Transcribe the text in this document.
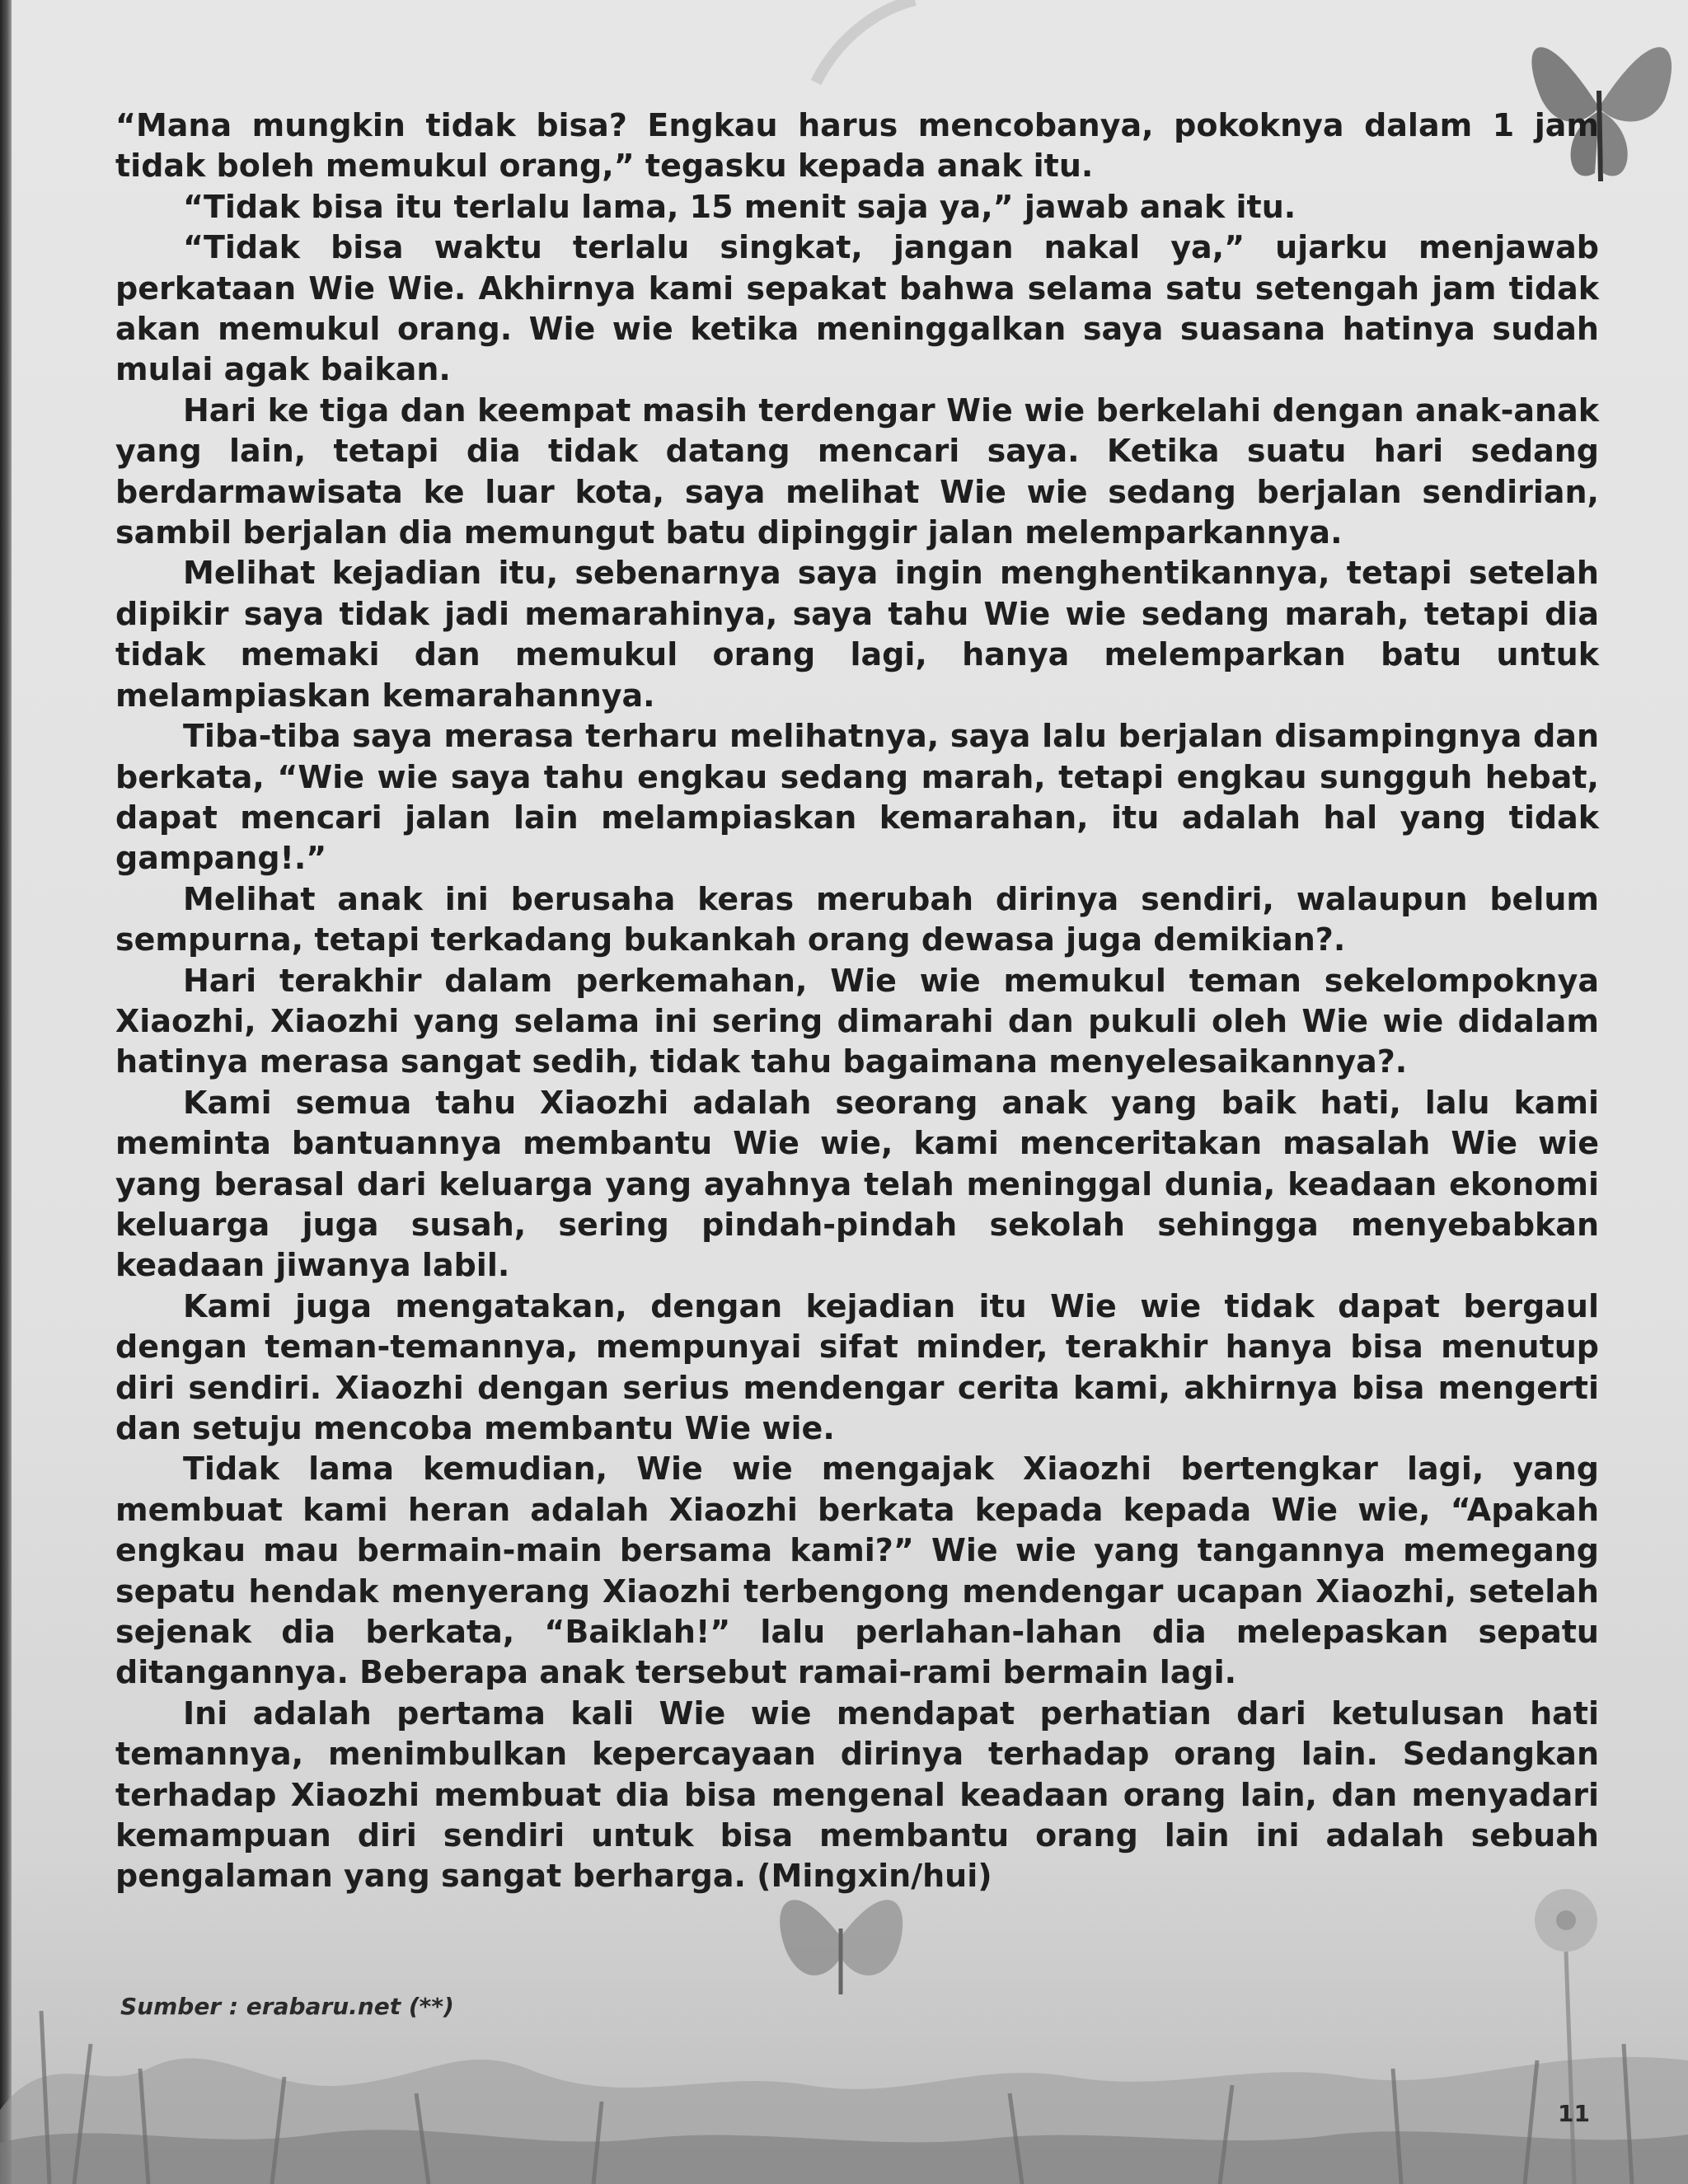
“Mana mungkin tidak bisa? Engkau harus mencobanya, pokoknya dalam 1 jam tidak boleh memukul orang,” tegasku kepada anak itu.

“Tidak bisa itu terlalu lama, 15 menit saja ya,” jawab anak itu.

“Tidak bisa waktu terlalu singkat, jangan nakal ya,” ujarku menjawab perkataan Wie Wie. Akhirnya kami sepakat bahwa selama satu setengah jam tidak akan memukul orang. Wie wie ketika meninggalkan saya suasana hatinya sudah mulai agak baikan.

Hari ke tiga dan keempat masih terdengar Wie wie berkelahi dengan anak-anak yang lain, tetapi dia tidak datang mencari saya. Ketika suatu hari sedang berdarmawisata ke luar kota, saya melihat Wie wie sedang berjalan sendirian, sambil berjalan dia memungut batu dipinggir jalan melemparkannya.

Melihat kejadian itu, sebenarnya saya ingin menghentikannya, tetapi setelah dipikir saya tidak jadi memarahinya, saya tahu Wie wie sedang marah, tetapi dia tidak memaki dan memukul orang lagi, hanya melemparkan batu untuk melampiaskan kemarahannya.

Tiba-tiba saya merasa terharu melihatnya, saya lalu berjalan disampingnya dan berkata, “Wie wie saya tahu engkau sedang marah, tetapi engkau sungguh hebat, dapat mencari jalan lain melampiaskan kemarahan, itu adalah hal yang tidak gampang!.”

Melihat anak ini berusaha keras merubah dirinya sendiri, walaupun belum sempurna, tetapi terkadang bukankah orang dewasa juga demikian?.

Hari terakhir dalam perkemahan, Wie wie memukul teman sekelompoknya Xiaozhi, Xiaozhi yang selama ini sering dimarahi dan pukuli oleh Wie wie didalam hatinya merasa sangat sedih, tidak tahu bagaimana menyelesaikannya?.

Kami semua tahu Xiaozhi adalah seorang anak yang baik hati, lalu kami meminta bantuannya membantu Wie wie, kami menceritakan masalah Wie wie yang berasal dari keluarga yang ayahnya telah meninggal dunia, keadaan ekonomi keluarga juga susah, sering pindah-pindah sekolah sehingga menyebabkan keadaan jiwanya labil.

Kami juga mengatakan, dengan kejadian itu Wie wie tidak dapat bergaul dengan teman-temannya, mempunyai sifat minder, terakhir hanya bisa menutup diri sendiri. Xiaozhi dengan serius mendengar cerita kami, akhirnya bisa mengerti dan setuju mencoba membantu Wie wie.

Tidak lama kemudian, Wie wie mengajak Xiaozhi bertengkar lagi, yang membuat kami heran adalah Xiaozhi berkata kepada kepada Wie wie, “Apakah engkau mau bermain-main bersama kami?” Wie wie yang tangannya memegang sepatu hendak menyerang Xiaozhi terbengong mendengar ucapan Xiaozhi, setelah sejenak dia berkata, “Baiklah!” lalu perlahan-lahan dia melepaskan sepatu ditangannya. Beberapa anak tersebut ramai-rami bermain lagi.

Ini adalah pertama kali Wie wie mendapat perhatian dari ketulusan hati temannya, menimbulkan kepercayaan dirinya terhadap orang lain. Sedangkan terhadap Xiaozhi membuat dia bisa mengenal keadaan orang lain, dan menyadari kemampuan diri sendiri untuk bisa membantu orang lain ini adalah sebuah pengalaman yang sangat berharga. (Mingxin/hui)

Sumber : erabaru.net (**)
11
